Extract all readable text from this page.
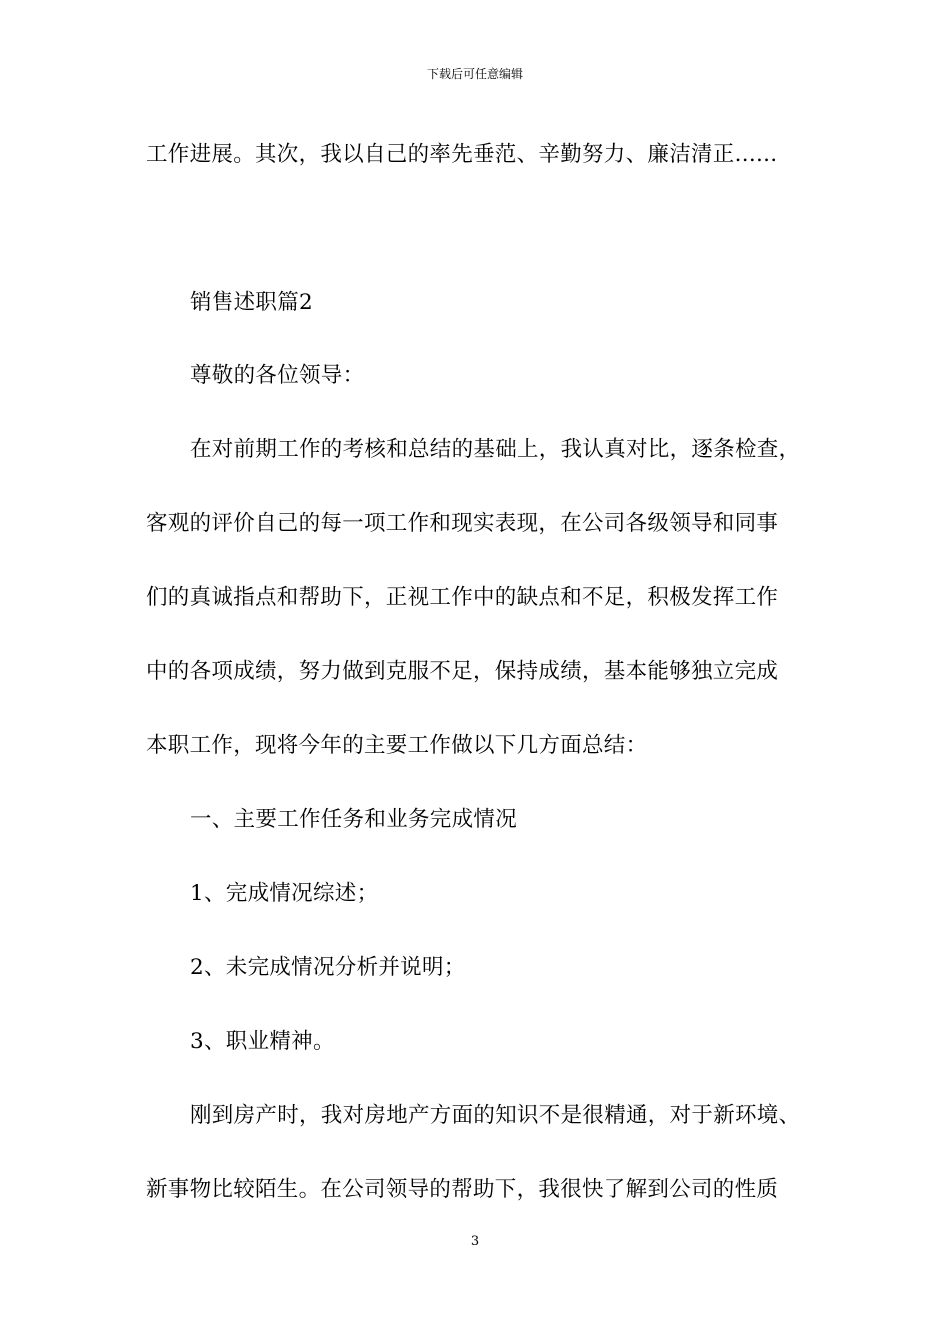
下载后可任意编辑
工作进展。其次，我以自己的率先垂范、辛勤努力、廉洁清正......
销售述职篇2
尊敬的各位领导：
在对前期工作的考核和总结的基础上，我认真对比，逐条检查，
客观的评价自己的每一项工作和现实表现，在公司各级领导和同事
们的真诚指点和帮助下，正视工作中的缺点和不足，积极发挥工作
中的各项成绩，努力做到克服不足，保持成绩，基本能够独立完成
本职工作，现将今年的主要工作做以下几方面总结：
一、主要工作任务和业务完成情况
1、完成情况综述；
2、未完成情况分析并说明；
3、职业精神。
刚到房产时，我对房地产方面的知识不是很精通，对于新环境、
新事物比较陌生。在公司领导的帮助下，我很快了解到公司的性质
3
